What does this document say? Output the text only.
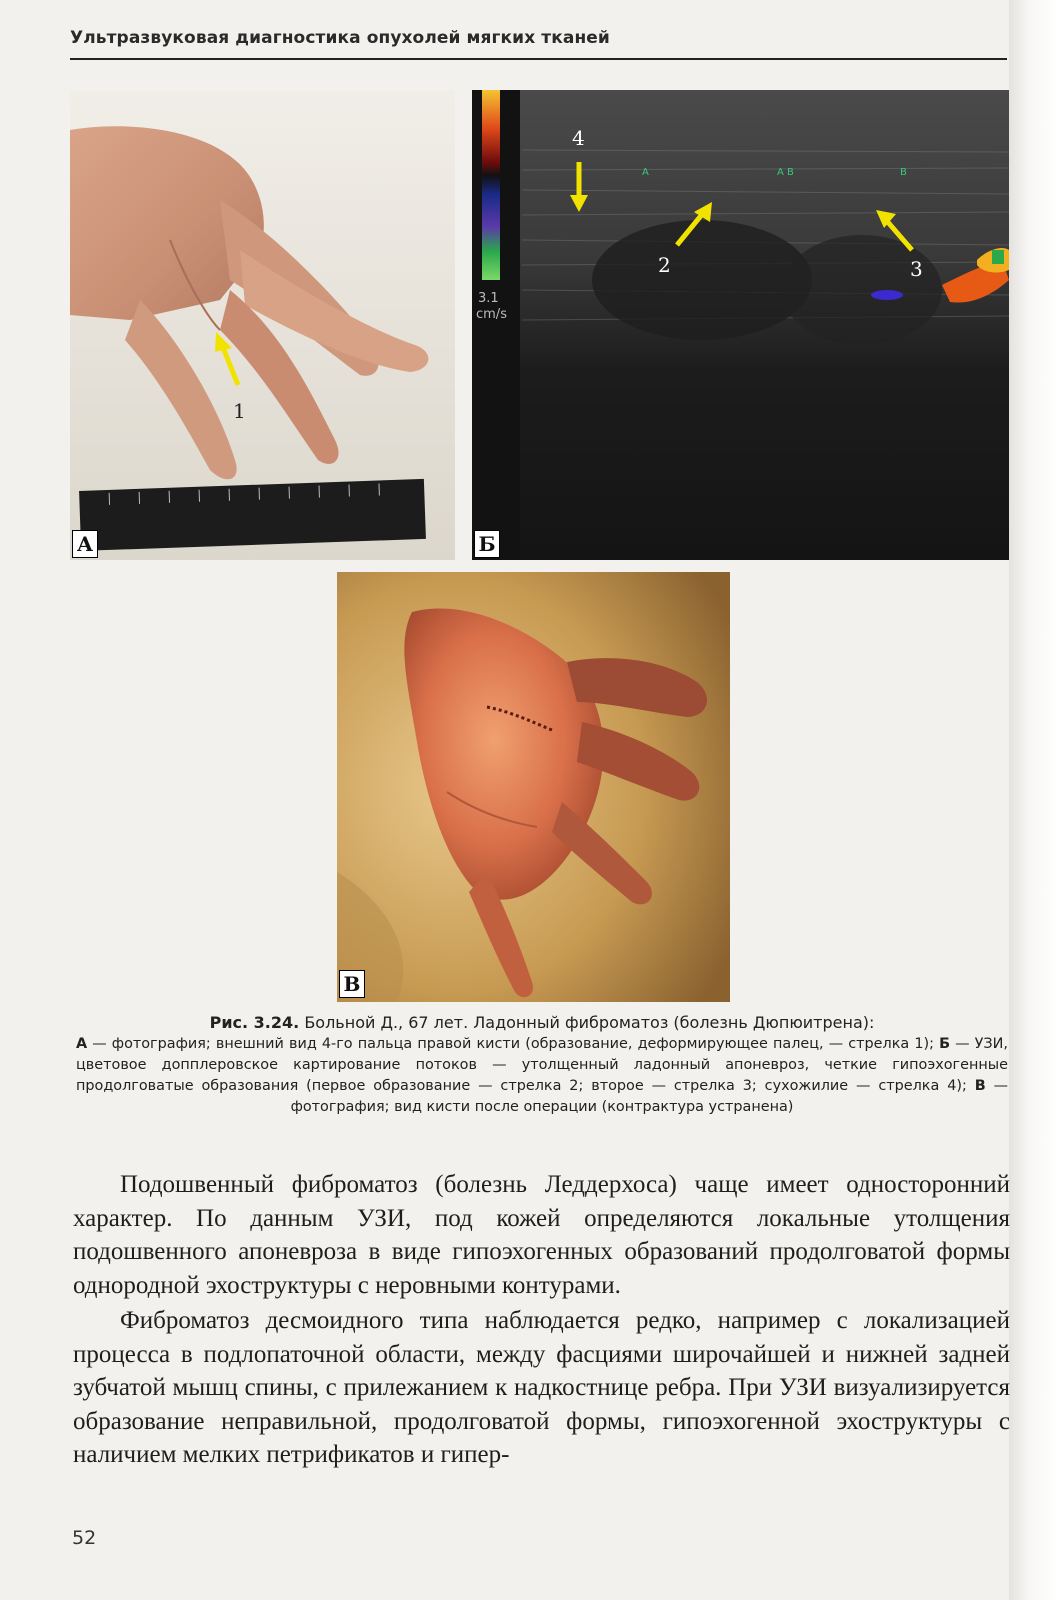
Ультразвуковая диагностика опухолей мягких тканей
1
А
3.1
cm/s
A	A B	B
4
2	3
Б
В
Рис. 3.24. Больной Д., 67 лет. Ладонный фиброматоз (болезнь Дюпюитрена):
А — фотография; внешний вид 4-го пальца правой кисти (образование, деформирующее палец, — стрелка 1); Б — УЗИ, цветовое допплеровское картирование потоков — утолщенный ладонный апоневроз, четкие гипоэхогенные продолговатые образования (первое образование — стрелка 2; второе — стрелка 3; сухожилие — стрелка 4); В — фотография; вид кисти после операции (контрактура устранена)

Подошвенный фиброматоз (болезнь Леддерхоса) чаще имеет односторонний характер. По данным УЗИ, под кожей определяются локальные утолщения подошвенного апоневроза в виде гипоэхогенных образований продолговатой формы однородной эхоструктуры с неровными контурами.

Фиброматоз десмоидного типа наблюдается редко, например с локализацией процесса в подлопаточной области, между фасциями широчайшей и нижней задней зубчатой мышц спины, с прилежанием к надкостнице ребра. При УЗИ визуализируется образование неправильной, продолговатой формы, гипоэхогенной эхоструктуры с наличием мелких петрификатов и гипер-

52
